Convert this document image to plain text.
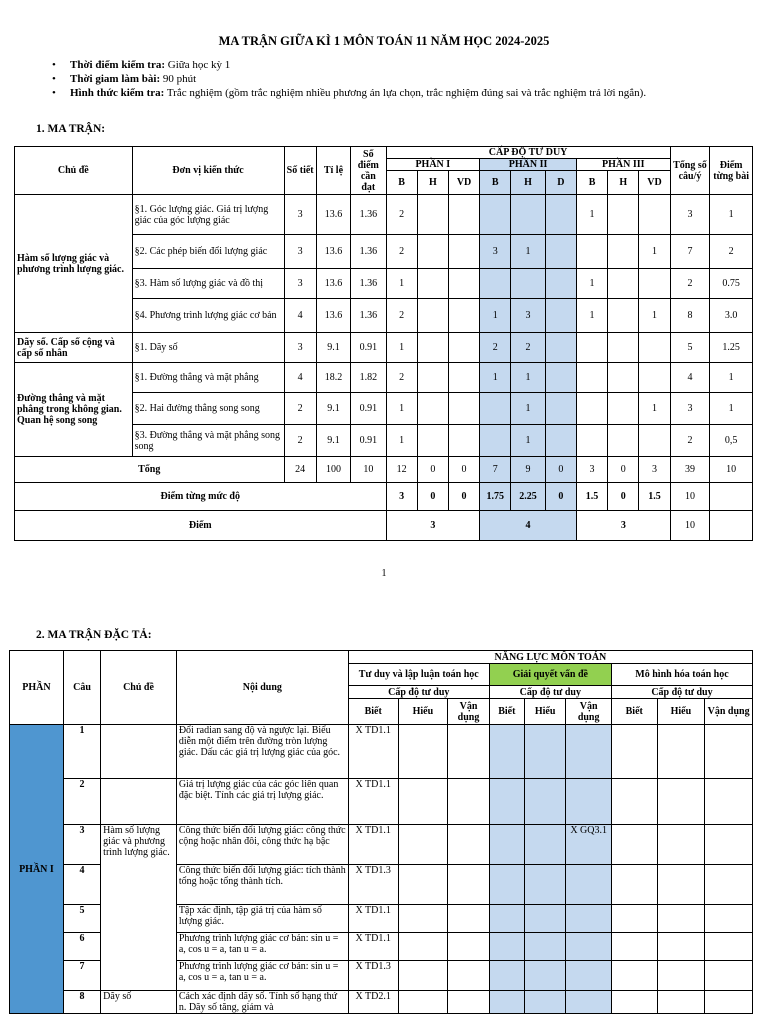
MA TRẬN GIỮA KÌ 1 MÔN TOÁN 11 NĂM HỌC 2024-2025
• Thời điểm kiểm tra: Giữa học kỳ 1
• Thời giam làm bài: 90 phút
• Hình thức kiểm tra: Trắc nghiệm (gồm trắc nghiệm nhiều phương án lựa chọn, trắc nghiệm đúng sai và trắc nghiệm trả lời ngắn).
1. MA TRẬN:
Chủ đề	Đơn vị kiến thức	Số tiết	Tỉ lệ	Số điểm cần đạt	CẤP ĐỘ TƯ DUY									Tổng số câu/ý	Điểm từng bài
					PHẦN I			PHẦN II			PHẦN III				
					B	H	VD	B	H	D	B	H	VD		
Hàm số lượng giác và phương trình lượng giác.	§1. Góc lượng giác. Giá trị lượng giác của góc lượng giác	3	13.6	1.36	2						1			3	1
	§2. Các phép biến đổi lượng giác	3	13.6	1.36	2			3	1				1	7	2
	§3. Hàm số lượng giác và đồ thị	3	13.6	1.36	1						1			2	0.75
	§4. Phương trình lượng giác cơ bản	4	13.6	1.36	2			1	3		1		1	8	3.0
Dãy số. Cấp số cộng và cấp số nhân	§1. Dãy số	3	9.1	0.91	1			2	2					5	1.25
Đường thẳng và mặt phẳng trong không gian. Quan hệ song song	§1. Đường thẳng và mặt phẳng	4	18.2	1.82	2			1	1					4	1
	§2. Hai đường thẳng song song	2	9.1	0.91	1				1				1	3	1
	§3. Đường thẳng và mặt phẳng song song	2	9.1	0.91	1				1					2	0,5
Tổng		24	100	10	12	0	0	7	9	0	3	0	3	39	10
Điểm từng mức độ					3	0	0	1.75	2.25	0	1.5	0	1.5	10	
Điểm					3			4			3			10	
1
2. MA TRẬN ĐẶC TẢ:
PHẦN	Câu	Chủ đề	Nội dung	NĂNG LỰC MÔN TOÁN								
				Tư duy và lập luận toán học			Giải quyết vấn đề			Mô hình hóa toán học		
				Cấp độ tư duy			Cấp độ tư duy			Cấp độ tư duy		
				Biết	Hiểu	Vận dụng	Biết	Hiểu	Vận dụng	Biết	Hiểu	Vận dụng
PHẦN I	1		Đổi radian sang độ và ngược lại. Biểu diễn một điểm trên đường tròn lượng giác. Dấu các giá trị lượng giác của góc.	X TD1.1								
	2		Giá trị lượng giác của các góc liên quan đặc biệt. Tính các giá trị lượng giác.	X TD1.1								
	3	Hàm số lượng giác và phương trình lượng giác.	Công thức biến đổi lượng giác: công thức cộng hoặc nhân đôi, công thức hạ bậc	X TD1.1					X GQ3.1			
	4		Công thức biến đổi lượng giác: tích thành tổng hoặc tổng thành tích.	X TD1.3								
	5		Tập xác định, tập giá trị của hàm số lượng giác.	X TD1.1								
	6		Phương trình lượng giác cơ bản: sin u = a, cos u = a, tan u = a.	X TD1.1								
	7		Phương trình lượng giác cơ bản: sin u = a, cos u = a, tan u = a.	X TD1.3								
	8	Dãy số	Cách xác định dãy số. Tính số hạng thứ n. Dãy số tăng, giảm và	X TD2.1								
